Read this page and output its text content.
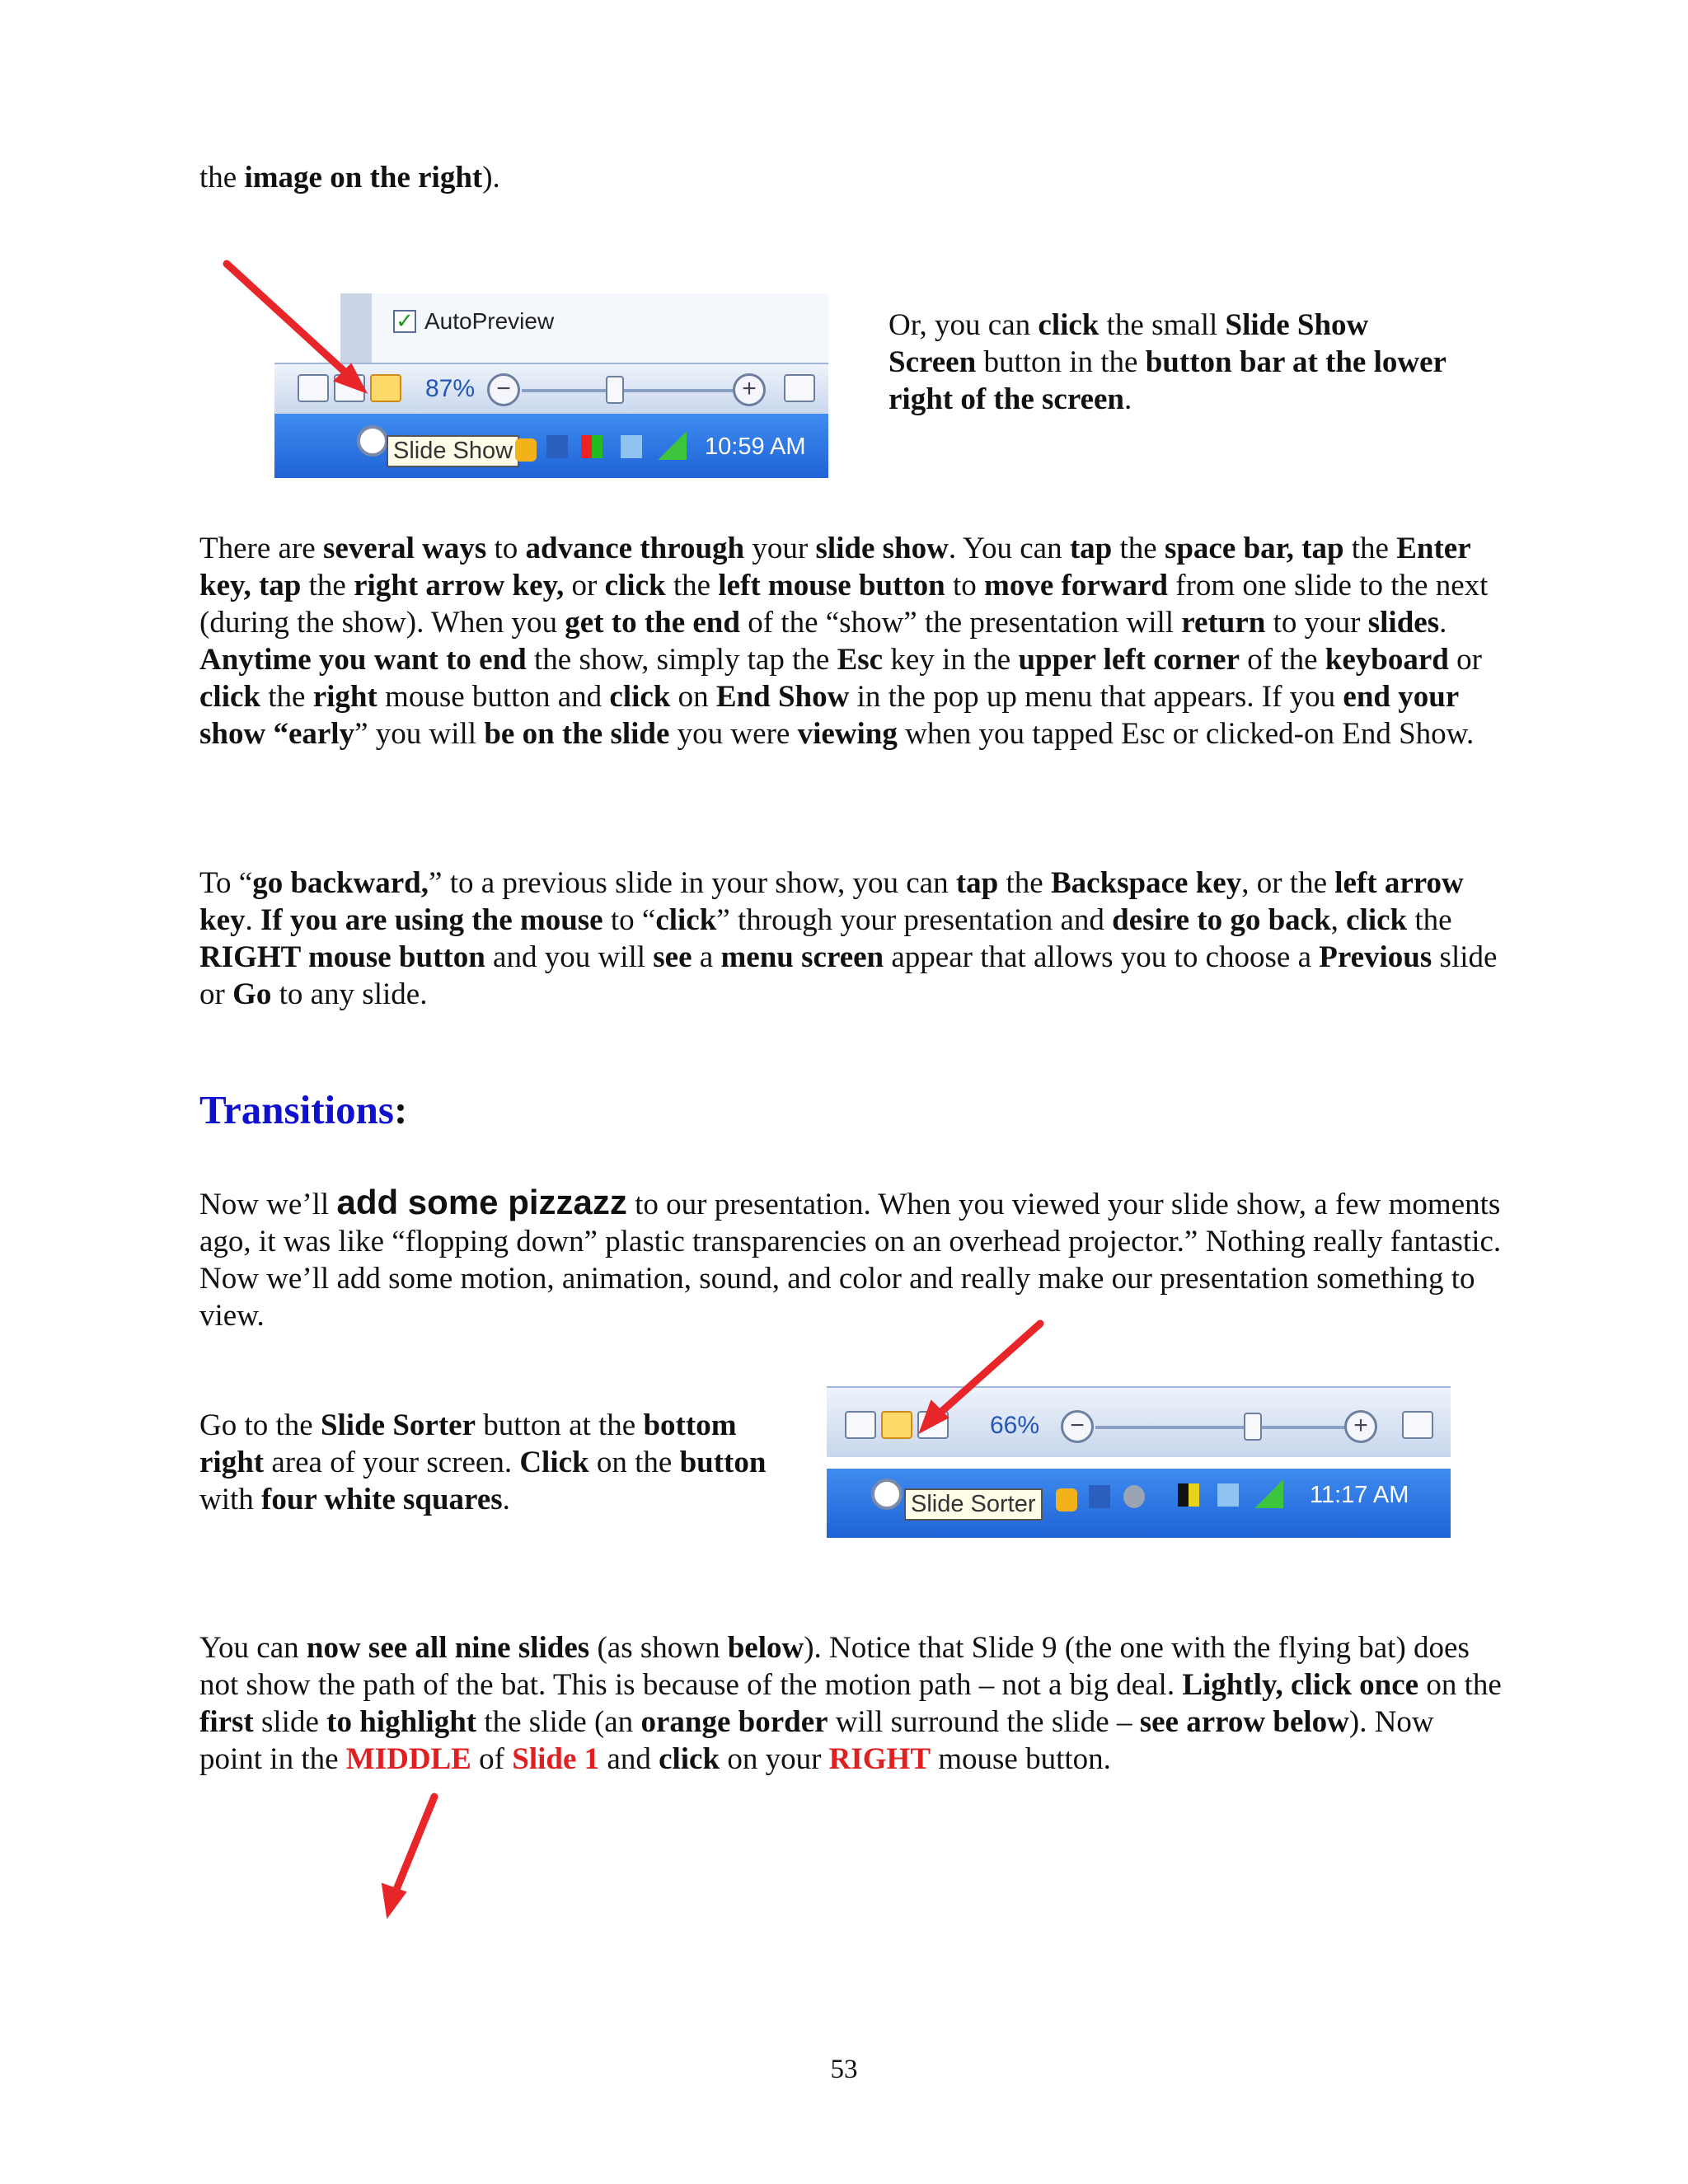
the image on the right).
✓ AutoPreview
87% −	+
Slide Show	10:59 AM
Or, you can click the small Slide Show Screen button in the button bar at the lower right of the screen.
There are several ways to advance through your slide show. You can tap the space bar, tap the Enter key, tap the right arrow key, or click the left mouse button to move forward from one slide to the next (during the show). When you get to the end of the “show” the presentation will return to your slides. Anytime you want to end the show, simply tap the Esc key in the upper left corner of the keyboard or click the right mouse button and click on End Show in the pop up menu that appears. If you end your show “early” you will be on the slide you were viewing when you tapped Esc or clicked-on End Show.
To “go backward,” to a previous slide in your show, you can tap the Backspace key, or the left arrow key. If you are using the mouse to “click” through your presentation and desire to go back, click the RIGHT mouse button and you will see a menu screen appear that allows you to choose a Previous slide or Go to any slide.
Transitions:
Now we’ll add some pizzazz to our presentation. When you viewed your slide show, a few moments ago, it was like “flopping down” plastic transparencies on an overhead projector.” Nothing really fantastic. Now we’ll add some motion, animation, sound, and color and really make our presentation something to view.
Go to the Slide Sorter button at the bottom right area of your screen. Click on the button with four white squares.
66%	−	+
Slide Sorter	11:17 AM
You can now see all nine slides (as shown below). Notice that Slide 9 (the one with the flying bat) does not show the path of the bat. This is because of the motion path – not a big deal. Lightly, click once on the first slide to highlight the slide (an orange border will surround the slide – see arrow below). Now point in the MIDDLE of Slide 1 and click on your RIGHT mouse button.
53
